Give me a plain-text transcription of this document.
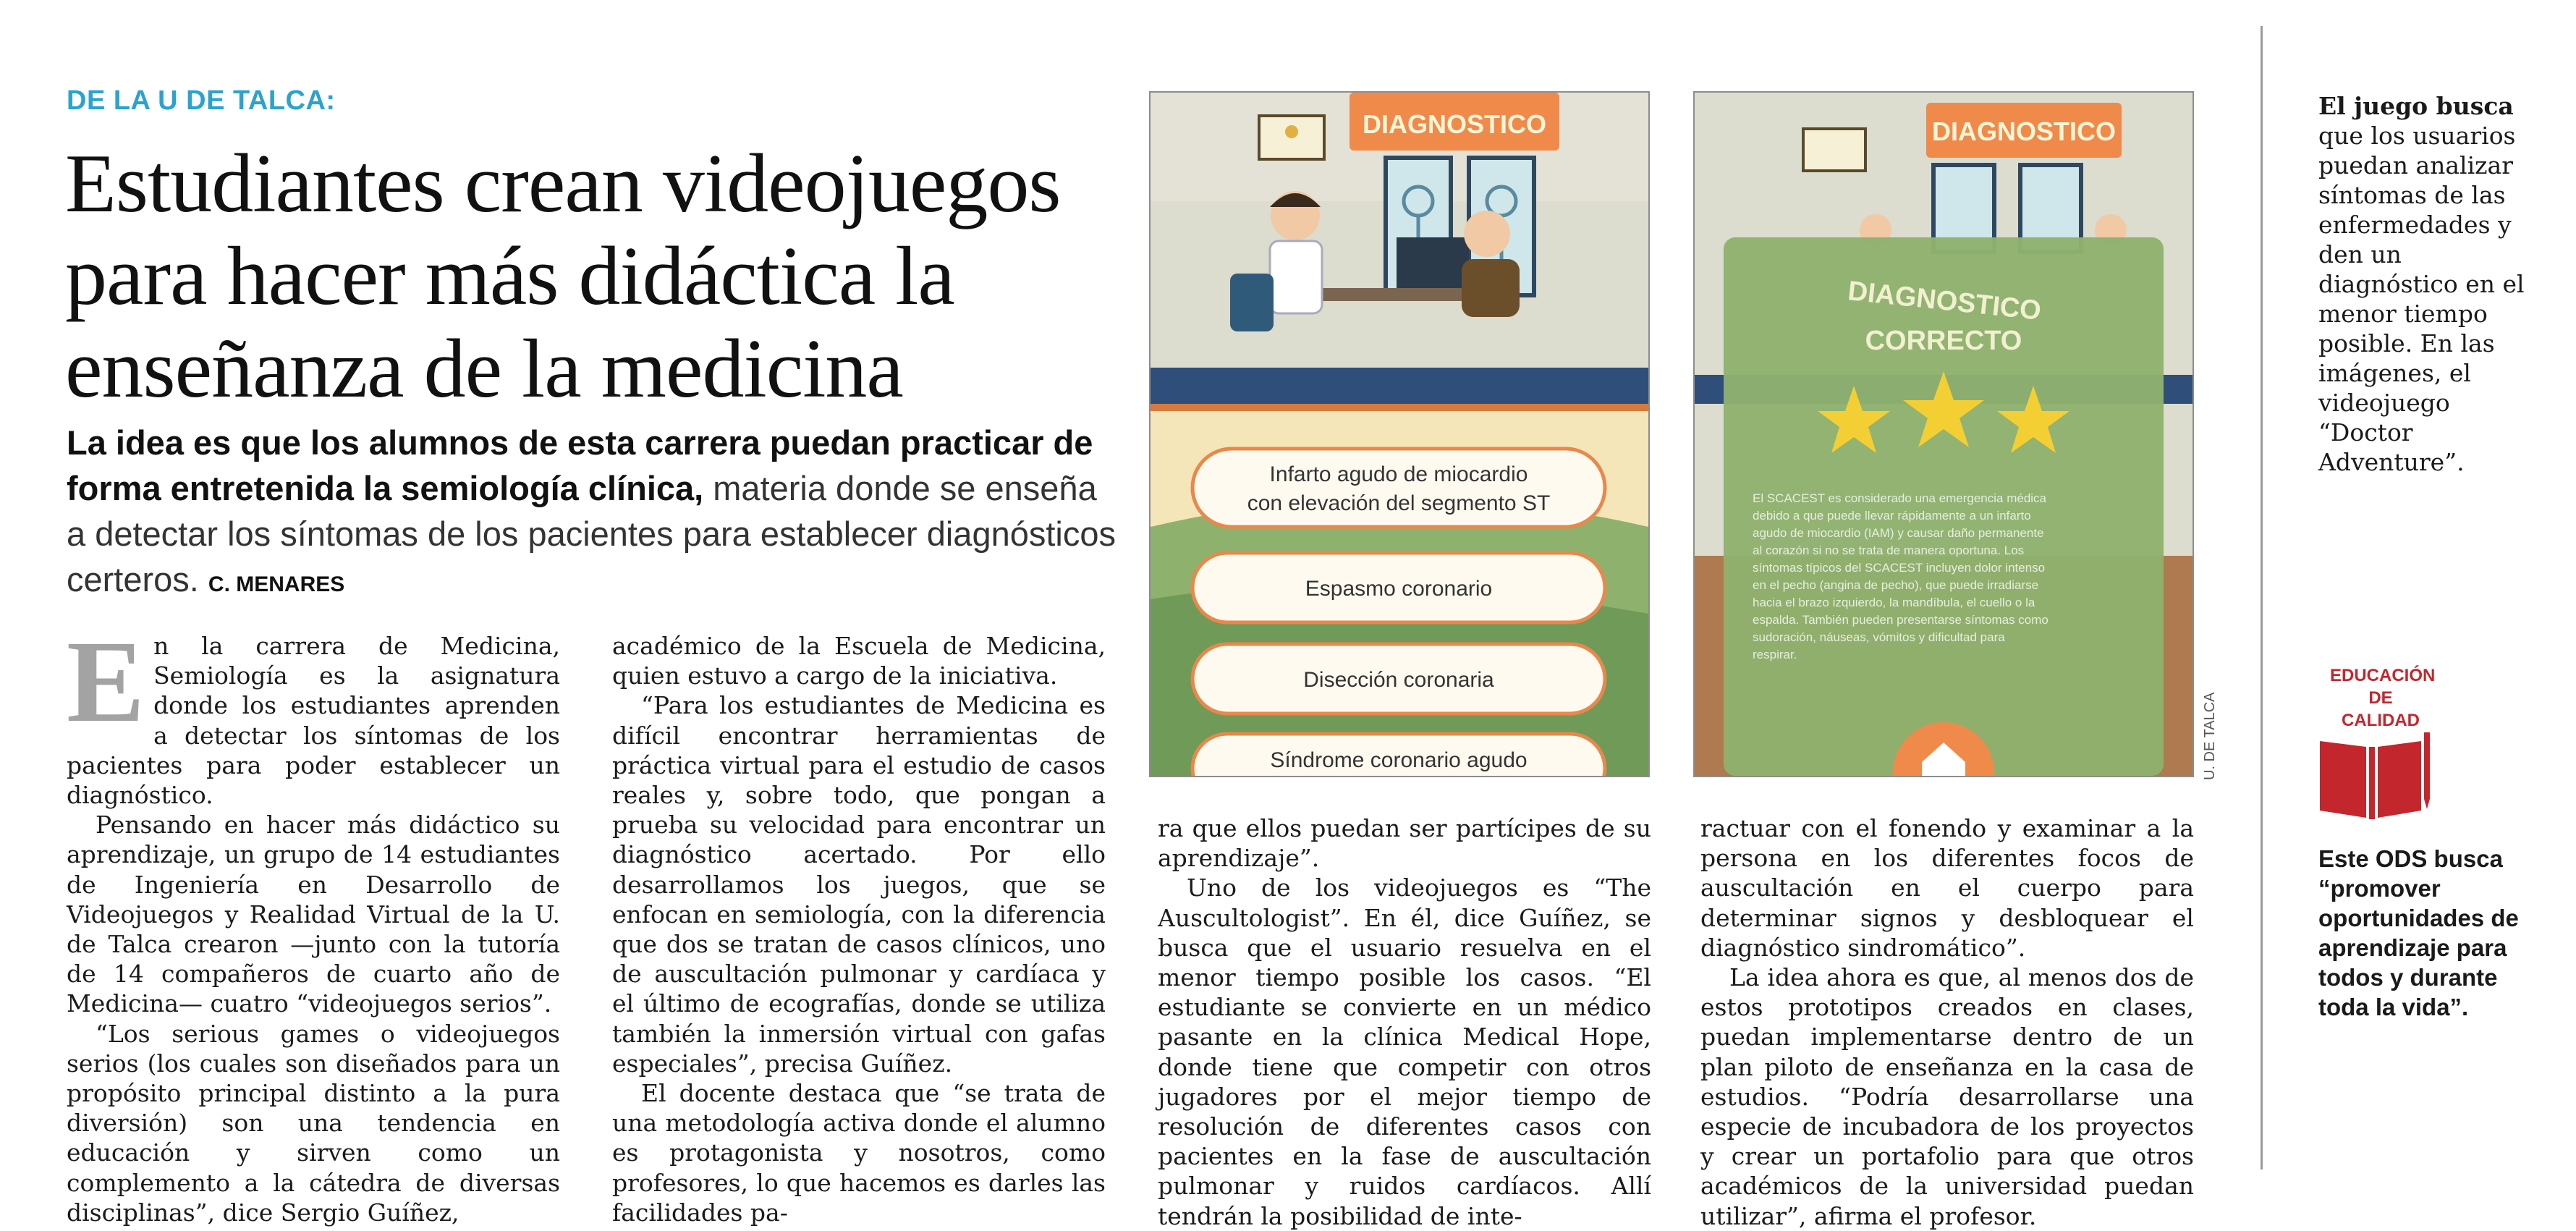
DE LA U DE TALCA:
Estudiantes crean videojuegos
para hacer más didáctica la
enseñanza de la medicina
La idea es que los alumnos de esta carrera puedan practicar de forma entretenida la semiología clínica, materia donde se enseña a detectar los síntomas de los pacientes para establecer diagnósticos certeros. C. MENARES

En la carrera de Medicina, Semiología es la asignatura donde los estudiantes aprenden a detectar los síntomas de los pacientes para poder establecer un diagnóstico.

Pensando en hacer más didáctico su aprendizaje, un grupo de 14 estudiantes de Ingeniería en Desarrollo de Videojuegos y Realidad Virtual de la U. de Talca crearon —junto con la tutoría de 14 compañeros de cuarto año de Medicina— cuatro “videojuegos serios”.

“Los serious games o videojuegos serios (los cuales son diseñados para un propósito principal distinto a la pura diversión) son una tendencia en educación y sirven como un complemento a la cátedra de diversas disciplinas”, dice Sergio Guíñez,

académico de la Escuela de Medicina, quien estuvo a cargo de la iniciativa.

“Para los estudiantes de Medicina es difícil encontrar herramientas de práctica virtual para el estudio de casos reales y, sobre todo, que pongan a prueba su velocidad para encontrar un diagnóstico acertado. Por ello desarrollamos los juegos, que se enfocan en semiología, con la diferencia que dos se tratan de casos clínicos, uno de auscultación pulmonar y cardíaca y el último de ecografías, donde se utiliza también la inmersión virtual con gafas especiales”, precisa Guíñez.

El docente destaca que “se trata de una metodología activa donde el alumno es protagonista y nosotros, como profesores, lo que hacemos es darles las facilidades pa-

ra que ellos puedan ser partícipes de su aprendizaje”.

Uno de los videojuegos es “The Auscultologist”. En él, dice Guíñez, se busca que el usuario resuelva en el menor tiempo posible los casos. “El estudiante se convierte en un médico pasante en la clínica Medical Hope, donde tiene que competir con otros jugadores por el mejor tiempo de resolución de diferentes casos con pacientes en la fase de auscultación pulmonar y ruidos cardíacos. Allí tendrán la posibilidad de inte-

ractuar con el fonendo y examinar a la persona en los diferentes focos de auscultación en el cuerpo para determinar signos y desbloquear el diagnóstico sindromático”.

La idea ahora es que, al menos dos de estos prototipos creados en clases, puedan implementarse dentro de un plan piloto de enseñanza en la casa de estudios. “Podría desarrollarse una especie de incubadora de los proyectos y crear un portafolio para que otros académicos de la universidad puedan utilizar”, afirma el profesor.

DIAGNOSTICO
Infarto agudo de miocardio
con elevación del segmento ST
Espasmo coronario
Disección coronaria
Síndrome coronario agudo
DIAGNOSTICO
DIAGNOSTICO
CORRECTO
El SCACEST es considerado una emergencia médica
debido a que puede llevar rápidamente a un infarto
agudo de miocardio (IAM) y causar daño permanente
al corazón si no se trata de manera oportuna. Los
síntomas típicos del SCACEST incluyen dolor intenso
en el pecho (angina de pecho), que puede irradiarse
hacia el brazo izquierdo, la mandíbula, el cuello o la
espalda. También pueden presentarse síntomas como
sudoración, náuseas, vómitos y dificultad para
respirar.
U. DE TALCA
El juego busca que los usuarios puedan analizar síntomas de las enfermedades y den un diagnóstico en el menor tiempo posible. En las imágenes, el videojuego “Doctor Adventure”.
EDUCACIÓN DE CALIDAD
Este ODS busca “promover oportunidades de aprendizaje para todos y durante toda la vida”.
